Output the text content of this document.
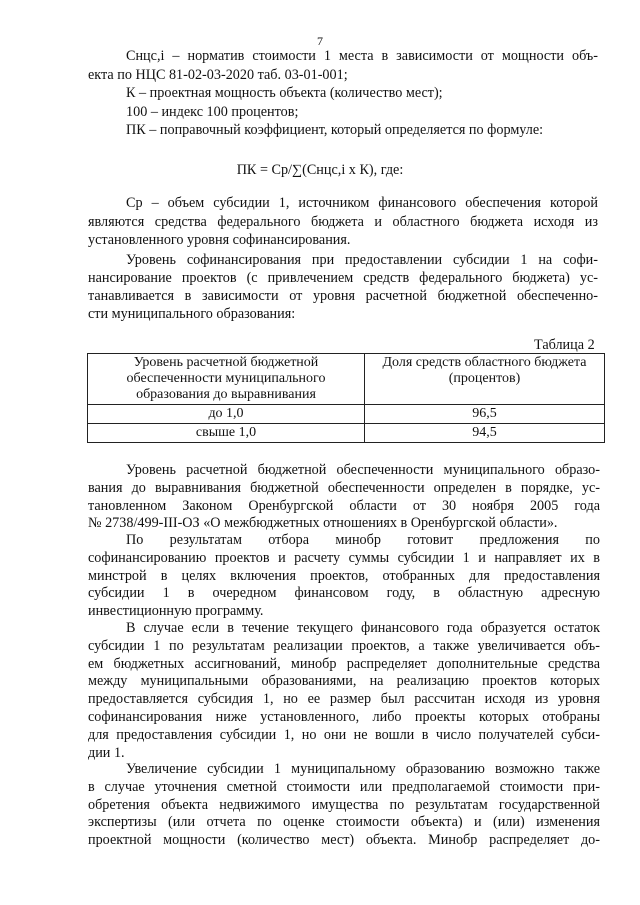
7
Снцс,i – норматив стоимости 1 места в зависимости от мощности объ-
екта по НЦС 81-02-03-2020 таб. 03-01-001;
К – проектная мощность объекта (количество мест);
100 – индекс 100 процентов;
ПК – поправочный коэффициент, который определяется по формуле:
ПК = Ср/∑(Снцс,i х К), где:
Ср – объем субсидии 1, источником финансового обеспечения которой
являются средства федерального бюджета и областного бюджета исходя из
установленного уровня софинансирования.
Уровень софинансирования при предоставлении субсидии 1 на софи-
нансирование проектов (с привлечением средств федерального бюджета) ус-
танавливается в зависимости от уровня расчетной бюджетной обеспеченно-
сти муниципального образования:
Таблица 2
Уровень расчетной бюджетной обеспеченности муниципального образования до выравнивания	Доля средств областного бюджета (процентов)
до 1,0	96,5
свыше 1,0	94,5
Уровень расчетной бюджетной обеспеченности муниципального образо-
вания до выравнивания бюджетной обеспеченности определен в порядке, ус-
тановленном Законом Оренбургской области от 30 ноября 2005 года
№ 2738/499-III-ОЗ «О межбюджетных отношениях в Оренбургской области».
По результатам отбора минобр готовит предложения по
софинансированию проектов и расчету суммы субсидии 1 и направляет их в
минстрой в целях включения проектов, отобранных для предоставления
субсидии 1 в очередном финансовом году, в областную адресную
инвестиционную программу.
В случае если в течение текущего финансового года образуется остаток
субсидии 1 по результатам реализации проектов, а также увеличивается объ-
ем бюджетных ассигнований, минобр распределяет дополнительные средства
между муниципальными образованиями, на реализацию проектов которых
предоставляется субсидия 1, но ее размер был рассчитан исходя из уровня
софинансирования ниже установленного, либо проекты которых отобраны
для предоставления субсидии 1, но они не вошли в число получателей субси-
дии 1.
Увеличение субсидии 1 муниципальному образованию возможно также
в случае уточнения сметной стоимости или предполагаемой стоимости при-
обретения объекта недвижимого имущества по результатам государственной
экспертизы (или отчета по оценке стоимости объекта) и (или) изменения
проектной мощности (количество мест) объекта. Минобр распределяет до-
